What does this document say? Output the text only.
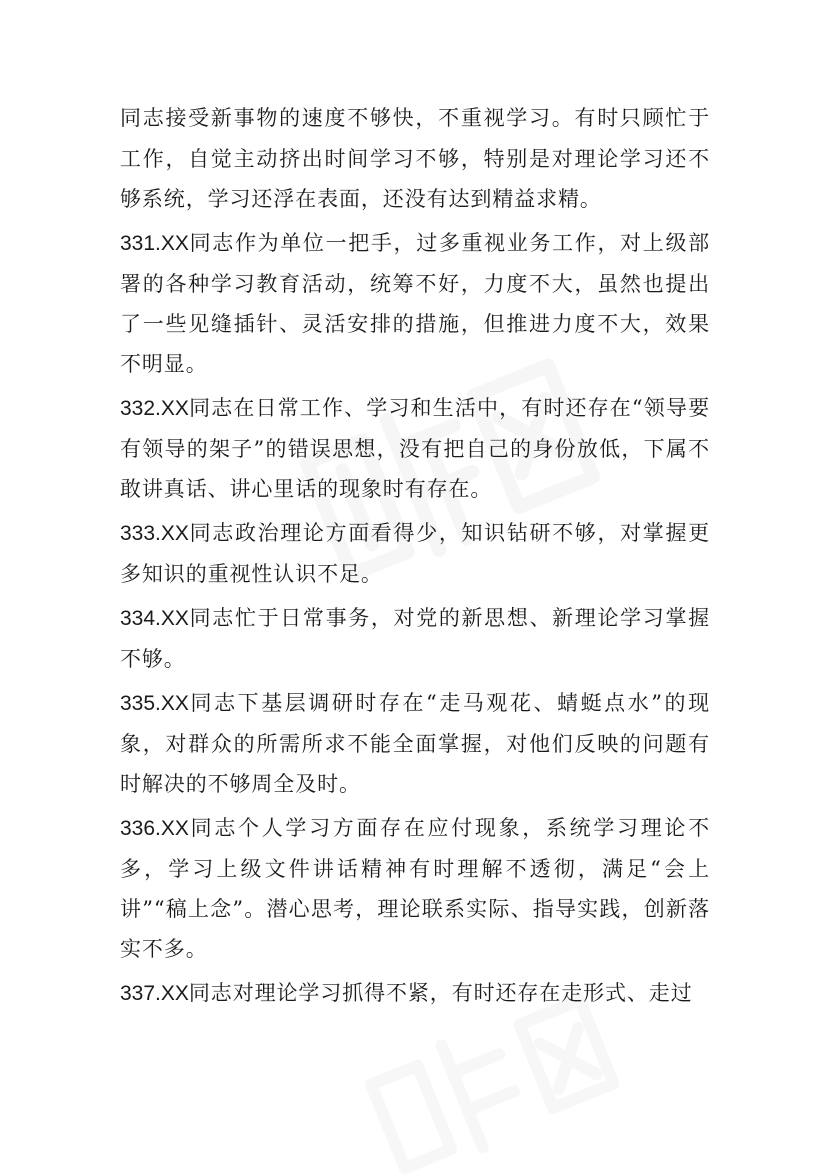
同志接受新事物的速度不够快，不重视学习。有时只顾忙于工作，自觉主动挤出时间学习不够，特别是对理论学习还不够系统，学习还浮在表面，还没有达到精益求精。

331.XX同志作为单位一把手，过多重视业务工作，对上级部署的各种学习教育活动，统筹不好，力度不大，虽然也提出了一些见缝插针、灵活安排的措施，但推进力度不大，效果不明显。

332.XX同志在日常工作、学习和生活中，有时还存在“领导要有领导的架子”的错误思想，没有把自己的身份放低，下属不敢讲真话、讲心里话的现象时有存在。

333.XX同志政治理论方面看得少，知识钻研不够，对掌握更多知识的重视性认识不足。

334.XX同志忙于日常事务，对党的新思想、新理论学习掌握不够。

335.XX同志下基层调研时存在“走马观花、蜻蜓点水”的现象，对群众的所需所求不能全面掌握，对他们反映的问题有时解决的不够周全及时。

336.XX同志个人学习方面存在应付现象，系统学习理论不多，学习上级文件讲话精神有时理解不透彻，满足“会上讲”“稿上念”。潜心思考，理论联系实际、指导实践，创新落实不多。

337.XX同志对理论学习抓得不紧，有时还存在走形式、走过
